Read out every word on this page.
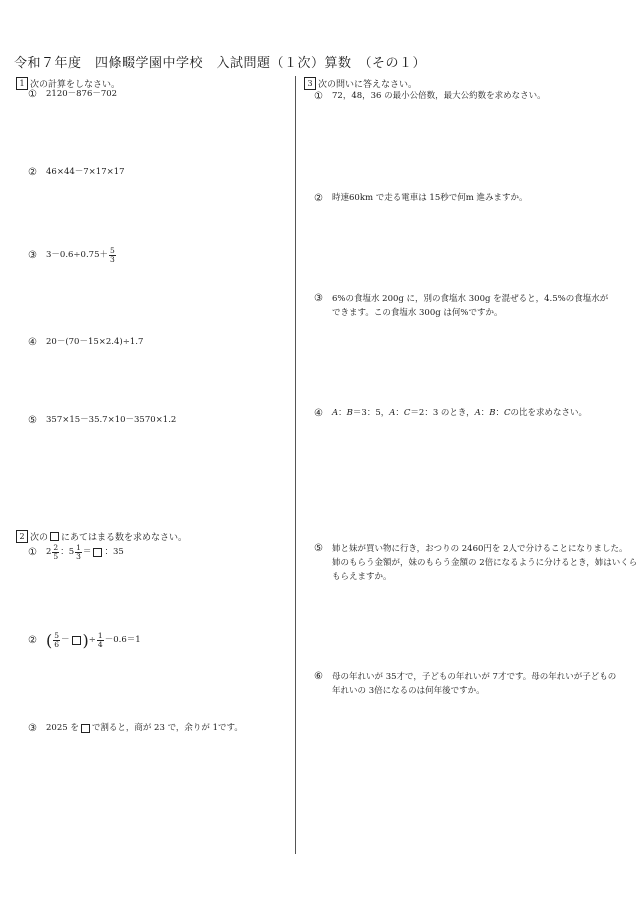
令和７年度　四條畷学園中学校　入試問題（１次）算数　（その１）
1 次の計算をしなさい。
①	2120－876－702
②	46×44－7×17×17
③	$3-0.6\div 0.75+ \frac{5}{3}$
④	20－(70－15×2.4)÷1.7
⑤	357×15－35.7×10－3570×1.2
2 次の にあてはまる数を求めなさい。
①	$2 \frac{2}{5}$ ： $5 \frac{1}{3}$ ＝ ：35
② ( $\frac{5}{6}$ － ) ÷ $\frac{1}{4} -0.6=1$
③	2025 を で割ると，商が 23 で，余りが 1です。
3 次の問いに答えなさい。
①	72，48，36 の最小公倍数，最大公約数を求めなさい。
②	時速60km で走る電車は 15秒で何m 進みますか。
③	6%の食塩水 200g に，別の食塩水 300g を混ぜると，4.5%の食塩水が
できます。この食塩水 300g は何%ですか。
④	A ： B ＝3：5， A ： C ＝2：3 のとき， A ： B ： C の比を求めなさい。
⑤	姉と妹が買い物に行き，おつりの 2460円を 2人で分けることになりました。
姉のもらう金額が，妹のもらう金額の 2倍になるように分けるとき，姉はいくら
もらえますか。
⑥	母の年れいが 35才で，子どもの年れいが 7才です。母の年れいが子どもの
年れいの 3倍になるのは何年後ですか。
